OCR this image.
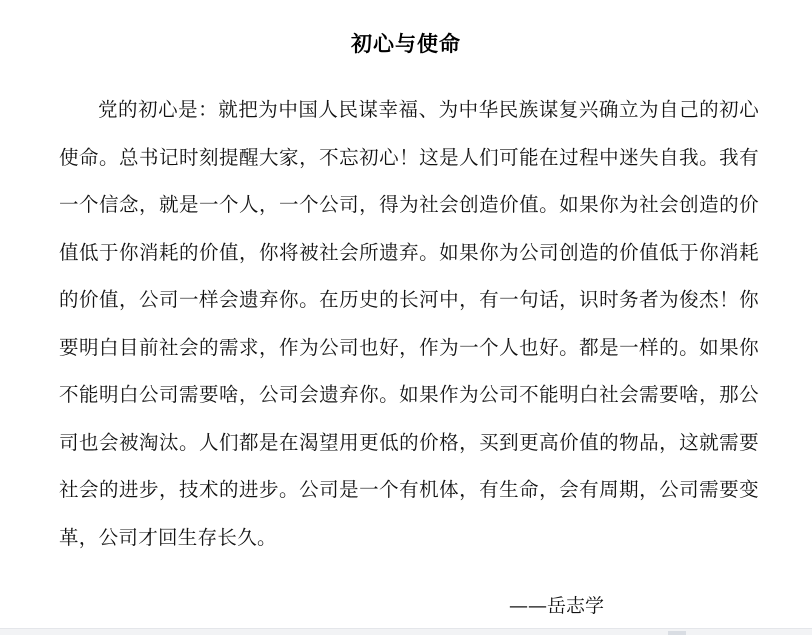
初心与使命

党的初心是：就把为中国人民谋幸福、为中华民族谋复兴确立为自己的初心使命。总书记时刻提醒大家，不忘初心！这是人们可能在过程中迷失自我。我有一个信念，就是一个人，一个公司，得为社会创造价值。如果你为社会创造的价值低于你消耗的价值，你将被社会所遗弃。如果你为公司创造的价值低于你消耗的价值，公司一样会遗弃你。在历史的长河中，有一句话，识时务者为俊杰！你要明白目前社会的需求，作为公司也好，作为一个人也好。都是一样的。如果你不能明白公司需要啥，公司会遗弃你。如果作为公司不能明白社会需要啥，那公司也会被淘汰。人们都是在渴望用更低的价格，买到更高价值的物品，这就需要社会的进步，技术的进步。公司是一个有机体，有生命，会有周期，公司需要变革，公司才回生存长久。

——岳志学
